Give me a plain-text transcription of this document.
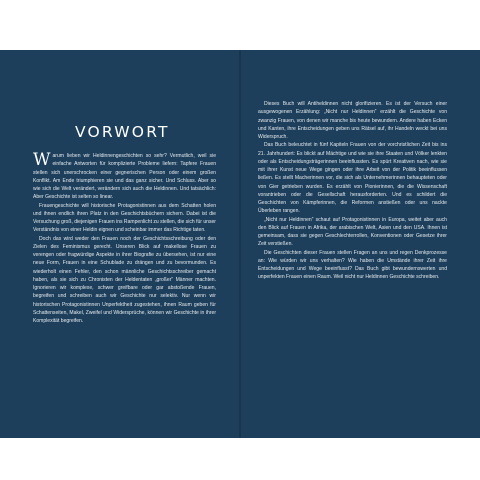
VORWORT

Warum lieben wir Heldinnengeschichten so sehr? Vermutlich, weil sie einfache Antworten für komplizierte Probleme liefern: Tapfere Frauen stellen sich unerschrocken einer gegnerischen Person oder einem großen Konflikt. Am Ende triumphieren sie und das ganz sicher. Und Schluss. Aber so wie sich die Welt verändert, verändern sich auch die Heldinnen. Und tatsächlich: Aber Geschichte ist selten so linear.

Frauengeschichte will historische Protagonistinnen aus dem Schatten holen und ihnen endlich ihren Platz in den Geschichtsbüchern sichern. Dabei ist die Versuchung groß, diejenigen Frauen ins Rampenlicht zu stellen, die sich für unser Verständnis von einer Heldin eignen und scheinbar immer das Richtige taten.

Doch das wird weder den Frauen noch der Geschichtsschreibung oder den Zielen des Feminismus gerecht. Unseren Blick auf makellose Frauen zu verengen oder fragwürdige Aspekte in ihrer Biografie zu übersehen, ist nur eine neue Form, Frauen in eine Schublade zu drängen und zu bevormunden. Es wiederholt einen Fehler, den schon männliche Geschichtsschreiber gemacht haben, als sie sich zu Chronisten der Heldentaten „großer“ Männer machten. Ignorieren wir komplexe, schwer greifbare oder gar abstoßende Frauen, begreifen und schreiben auch wir Geschichte nur selektiv. Nur wenn wir historischen Protagonistinnen Unperfektheit zugestehen, ihnen Raum geben für Schattenseiten, Makel, Zweifel und Widersprüche, können wir Geschichte in ihrer Komplexität begreifen.

Dieses Buch will Antiheldinnen nicht glorifizieren. Es ist der Versuch einer ausgewogenen Erzählung: „Nicht nur Heldinnen“ erzählt die Geschichte von zwanzig Frauen, von denen wir manche bis heute bewundern. Andere haben Ecken und Kanten, ihre Entscheidungen geben uns Rätsel auf, ihr Handeln weckt bei uns Widerspruch.

Das Buch beleuchtet in fünf Kapiteln Frauen von der vorchristlichen Zeit bis ins 21. Jahrhundert: Es blickt auf Mächtige und wie sie ihre Staaten und Völker lenkten oder als Entscheidungsträgerinnen beeinflussten. Es spürt Kreativen nach, wie sie mit ihrer Kunst neue Wege gingen oder ihre Arbeit von der Politik beeinflussen ließen. Es stellt Macherinnen vor, die sich als Unternehmerinnen behaupteten oder von Gier getrieben wurden. Es erzählt von Pionierinnen, die die Wissenschaft vorantrieben oder die Gesellschaft herausforderten. Und es schildert die Geschichten von Kämpferinnen, die Reformen anstießen oder uns nackte Überleben rangen.

„Nicht nur Heldinnen“ schaut auf Protagonistinnen in Europa, weitet aber auch den Blick auf Frauen in Afrika, der arabischen Welt, Asien und den USA. Ihnen ist gemeinsam, dass sie gegen Geschlechterrollen, Konventionen oder Gesetze ihrer Zeit verstießen.

Die Geschichten dieser Frauen stellen Fragen an uns und regen Denkprozesse an: Wie würden wir uns verhalten? Wie haben die Umstände ihrer Zeit ihre Entscheidungen und Wege beeinflusst? Das Buch gibt bewundernswerten und unperfekten Frauen einen Raum. Weil nicht nur Heldinnen Geschichte schreiben.
